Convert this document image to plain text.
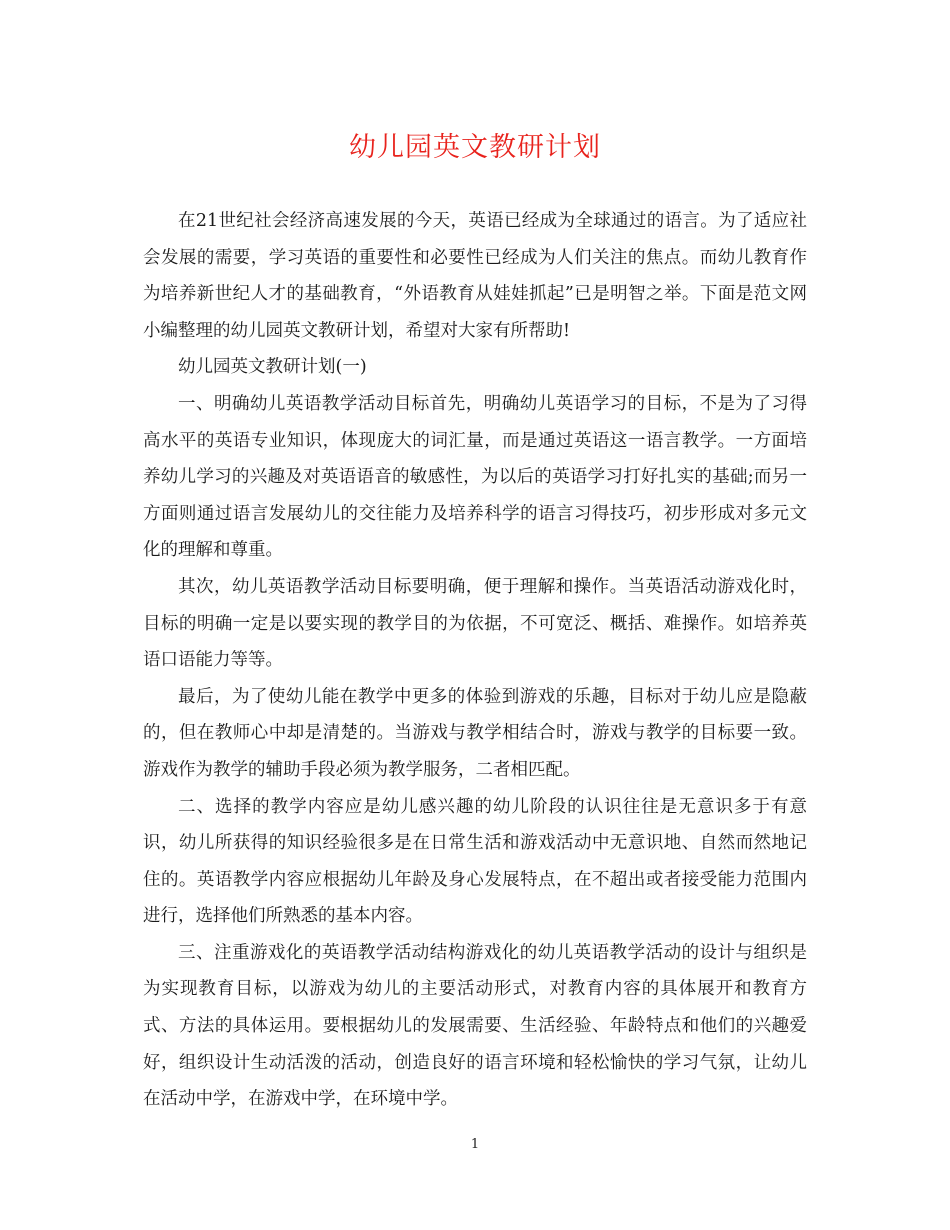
幼儿园英文教研计划

在21世纪社会经济高速发展的今天，英语已经成为全球通过的语言。为了适应社会发展的需要，学习英语的重要性和必要性已经成为人们关注的焦点。而幼儿教育作为培养新世纪人才的基础教育，“外语教育从娃娃抓起”已是明智之举。下面是范文网小编整理的幼儿园英文教研计划，希望对大家有所帮助!

幼儿园英文教研计划(一)

一、明确幼儿英语教学活动目标首先，明确幼儿英语学习的目标，不是为了习得高水平的英语专业知识，体现庞大的词汇量，而是通过英语这一语言教学。一方面培养幼儿学习的兴趣及对英语语音的敏感性，为以后的英语学习打好扎实的基础;而另一方面则通过语言发展幼儿的交往能力及培养科学的语言习得技巧，初步形成对多元文化的理解和尊重。

其次，幼儿英语教学活动目标要明确，便于理解和操作。当英语活动游戏化时，目标的明确一定是以要实现的教学目的为依据，不可宽泛、概括、难操作。如培养英语口语能力等等。

最后，为了使幼儿能在教学中更多的体验到游戏的乐趣，目标对于幼儿应是隐蔽的，但在教师心中却是清楚的。当游戏与教学相结合时，游戏与教学的目标要一致。游戏作为教学的辅助手段必须为教学服务，二者相匹配。

二、选择的教学内容应是幼儿感兴趣的幼儿阶段的认识往往是无意识多于有意识，幼儿所获得的知识经验很多是在日常生活和游戏活动中无意识地、自然而然地记住的。英语教学内容应根据幼儿年龄及身心发展特点，在不超出或者接受能力范围内进行，选择他们所熟悉的基本内容。

三、注重游戏化的英语教学活动结构游戏化的幼儿英语教学活动的设计与组织是为实现教育目标，以游戏为幼儿的主要活动形式，对教育内容的具体展开和教育方式、方法的具体运用。要根据幼儿的发展需要、生活经验、年龄特点和他们的兴趣爱好，组织设计生动活泼的活动，创造良好的语言环境和轻松愉快的学习气氛，让幼儿在活动中学，在游戏中学，在环境中学。

1
